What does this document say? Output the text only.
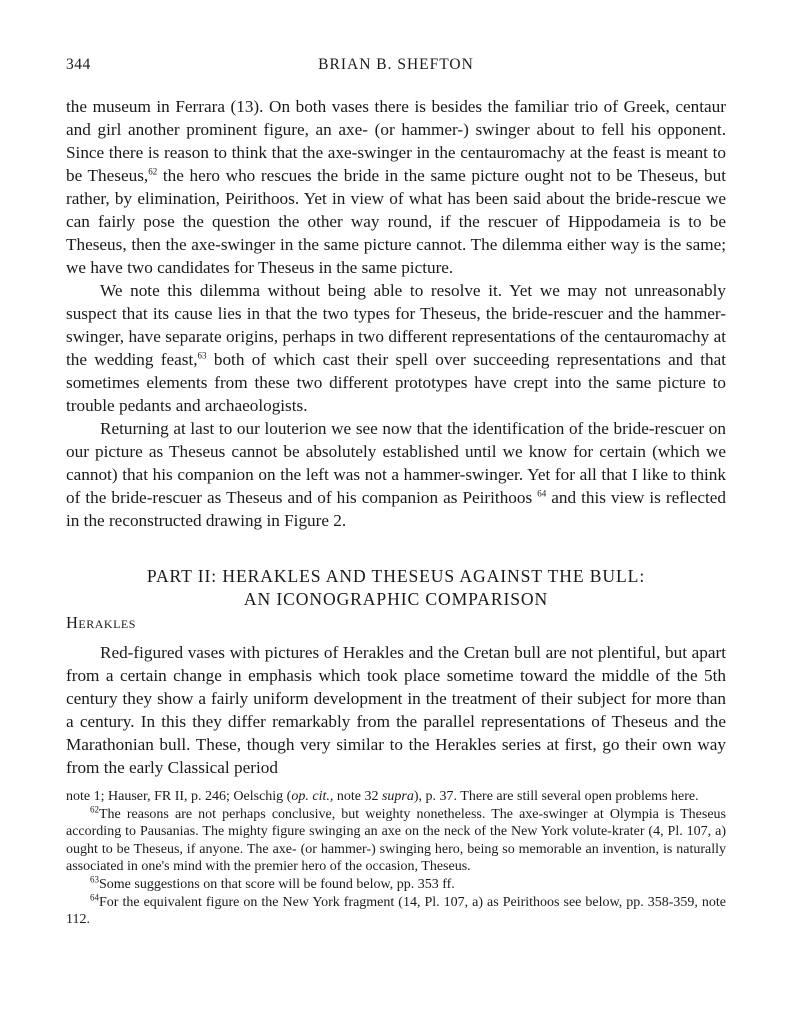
344	BRIAN B. SHEFTON

the museum in Ferrara (13). On both vases there is besides the familiar trio of Greek, centaur and girl another prominent figure, an axe- (or hammer-) swinger about to fell his opponent. Since there is reason to think that the axe-swinger in the centauromachy at the feast is meant to be Theseus,$^{62}$ the hero who rescues the bride in the same picture ought not to be Theseus, but rather, by elimination, Peirithoos. Yet in view of what has been said about the bride-rescue we can fairly pose the question the other way round, if the rescuer of Hippodameia is to be Theseus, then the axe-swinger in the same picture cannot. The dilemma either way is the same; we have two candidates for Theseus in the same picture.

We note this dilemma without being able to resolve it. Yet we may not unreasonably suspect that its cause lies in that the two types for Theseus, the bride-rescuer and the hammer-swinger, have separate origins, perhaps in two different representations of the centauromachy at the wedding feast,$^{63}$ both of which cast their spell over succeeding representations and that sometimes elements from these two different prototypes have crept into the same picture to trouble pedants and archaeologists.

Returning at last to our louterion we see now that the identification of the bride-rescuer on our picture as Theseus cannot be absolutely established until we know for certain (which we cannot) that his companion on the left was not a hammer-swinger. Yet for all that I like to think of the bride-rescuer as Theseus and of his companion as Peirithoos $^{64}$ and this view is reflected in the reconstructed drawing in Figure 2.

PART II: HERAKLES AND THESEUS AGAINST THE BULL:
AN ICONOGRAPHIC COMPARISON
Herakles

Red-figured vases with pictures of Herakles and the Cretan bull are not plentiful, but apart from a certain change in emphasis which took place sometime toward the middle of the 5th century they show a fairly uniform development in the treatment of their subject for more than a century. In this they differ remarkably from the parallel representations of Theseus and the Marathonian bull. These, though very similar to the Herakles series at first, go their own way from the early Classical period

note 1; Hauser, FR II, p. 246; Oelschig (op. cit., note 32 supra), p. 37. There are still several open problems here.

$^{62}$The reasons are not perhaps conclusive, but weighty nonetheless. The axe-swinger at Olympia is Theseus according to Pausanias. The mighty figure swinging an axe on the neck of the New York volute-krater (4, Pl. 107, a) ought to be Theseus, if anyone. The axe- (or hammer-) swinging hero, being so memorable an invention, is naturally associated in one's mind with the premier hero of the occasion, Theseus.

$^{63}$Some suggestions on that score will be found below, pp. 353 ff.

$^{64}$For the equivalent figure on the New York fragment (14, Pl. 107, a) as Peirithoos see below, pp. 358-359, note 112.
